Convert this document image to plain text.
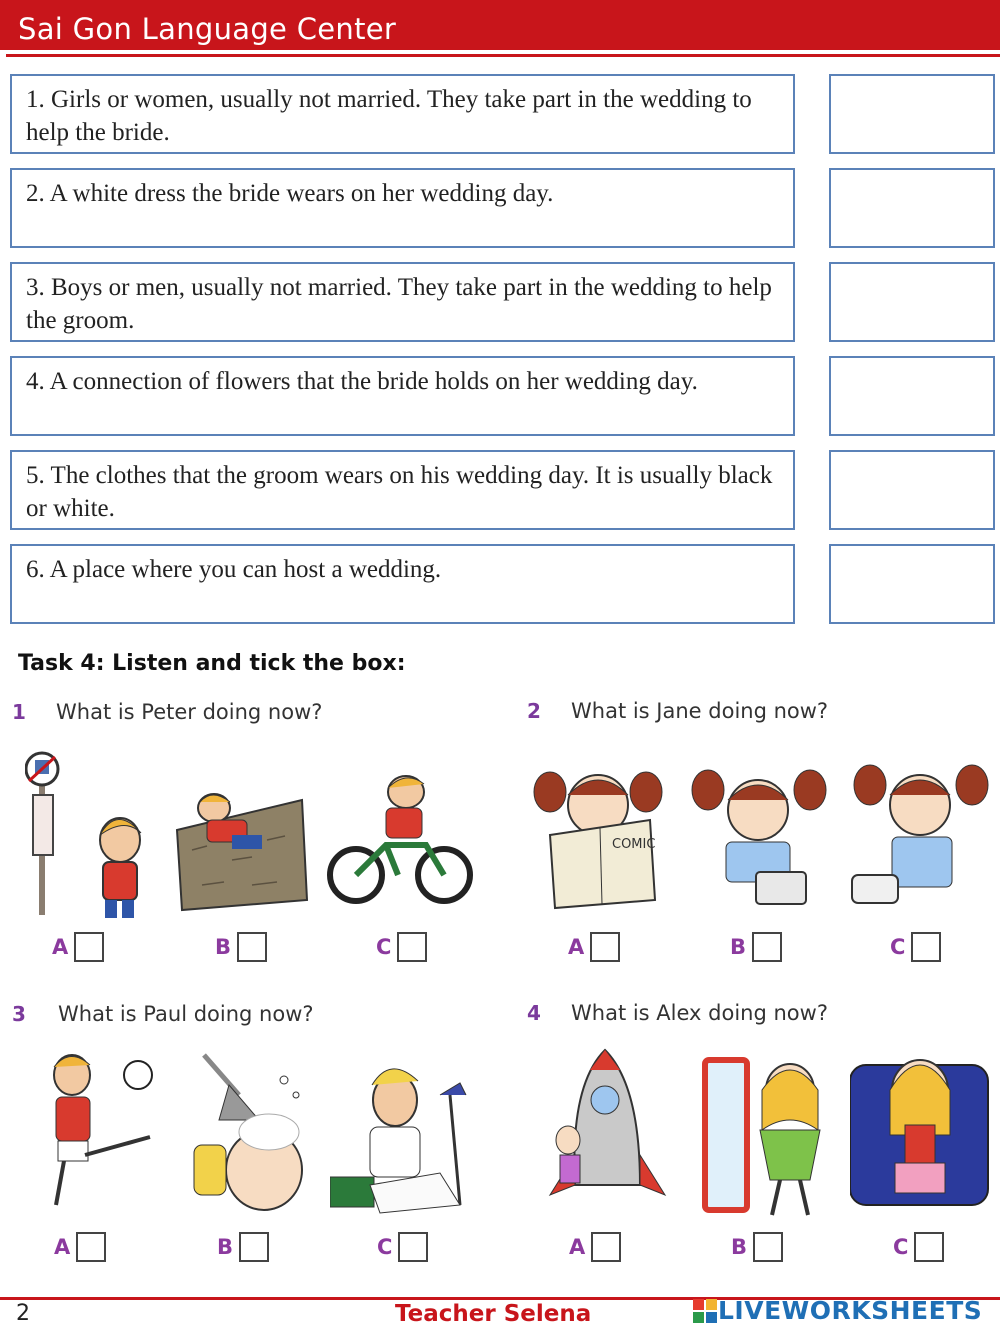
Sai Gon Language Center
1. Girls or women, usually not married. They take part in the wedding to help the bride.
2. A white dress the bride wears on her wedding day.
3. Boys or men, usually not married. They take part in the wedding to help the groom.
4. A connection of flowers that the bride holds on her wedding day.
5. The clothes that the groom wears on his wedding day. It is usually black or white.
6. A place where you can host a wedding.
Task 4: Listen and tick the box:
1 What is Peter doing now?	2 What is Jane doing now?
3 What is Paul doing now?	4 What is Alex doing now?
COMIC
A	B	C	A	B	C
A	B	C	A	B	C
2	Teacher Selena	LIVEWORKSHEETS
